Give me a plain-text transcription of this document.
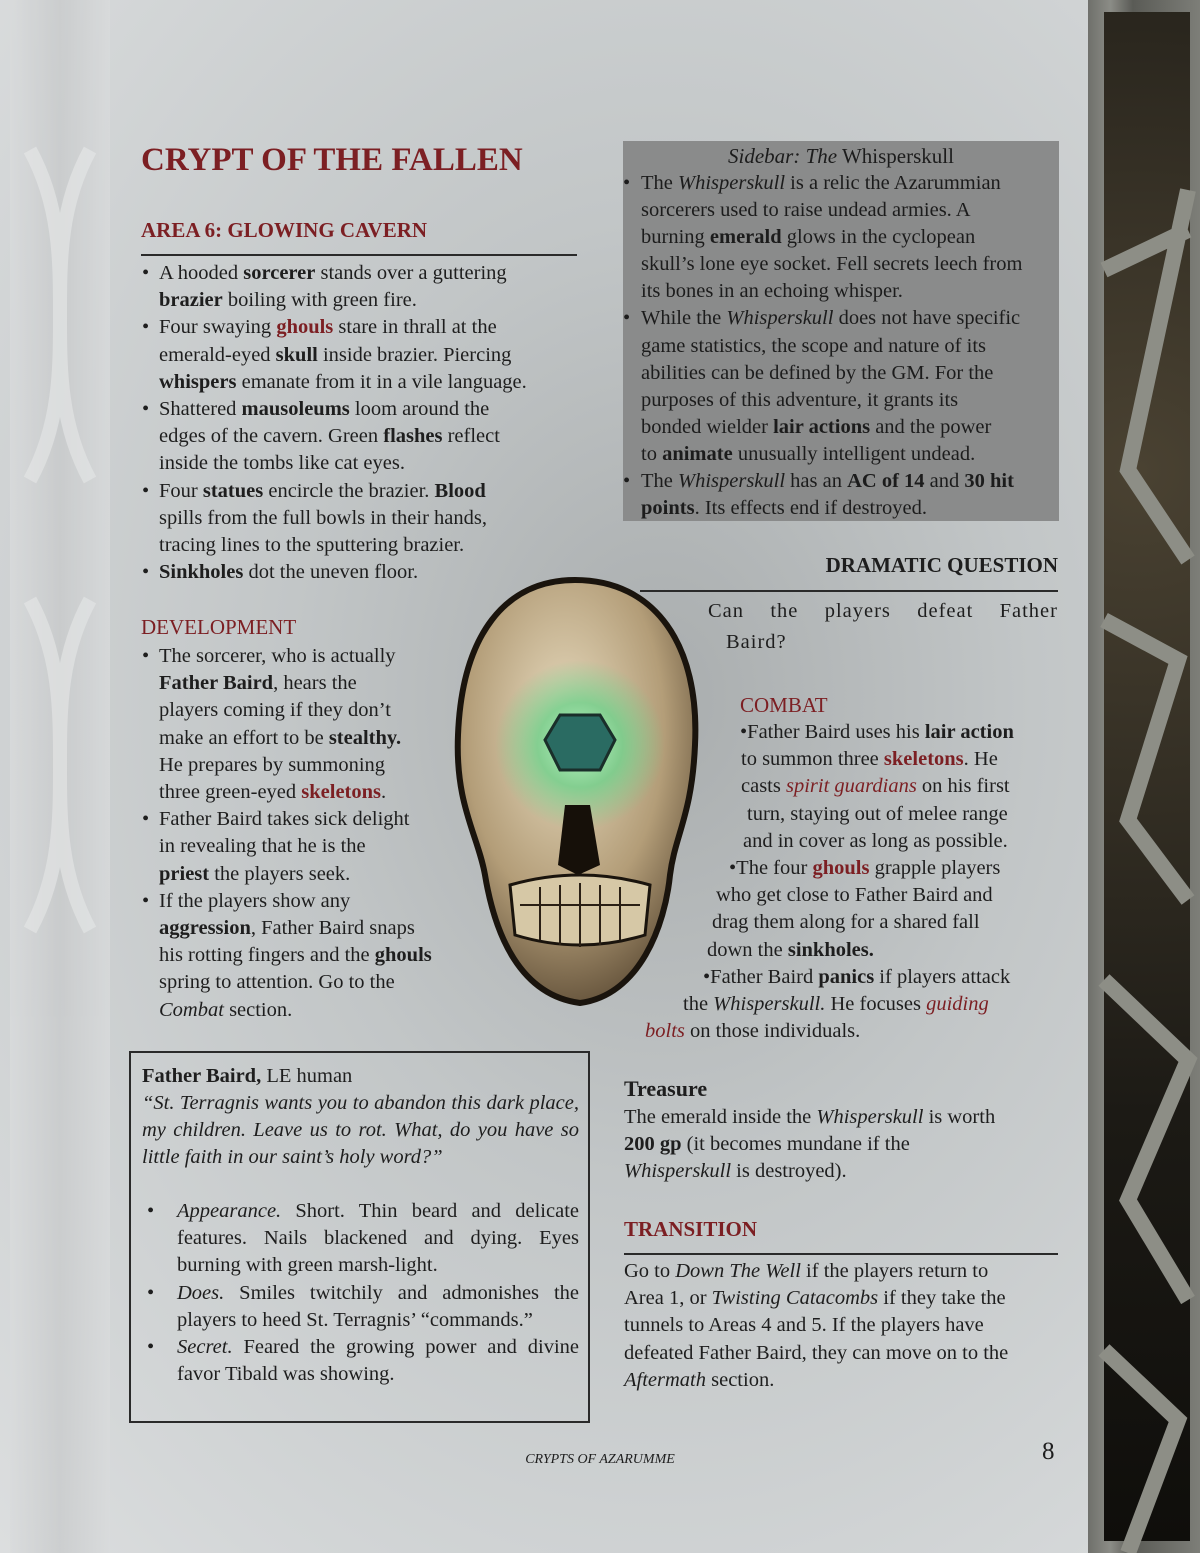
CRYPT OF THE FALLEN
AREA 6: GLOWING CAVERN
• A hooded sorcerer stands over a guttering
brazier boiling with green fire.
• Four swaying ghouls stare in thrall at the
emerald-eyed skull inside brazier. Piercing
whispers emanate from it in a vile language.
• Shattered mausoleums loom around the
edges of the cavern. Green flashes reflect
inside the tombs like cat eyes.
• Four statues encircle the brazier. Blood
spills from the full bowls in their hands,
tracing lines to the sputtering brazier.
• Sinkholes dot the uneven floor.
DEVELOPMENT
• The sorcerer, who is actually
Father Baird, hears the
players coming if they don’t
make an effort to be stealthy.
He prepares by summoning
three green-eyed skeletons.
• Father Baird takes sick delight
in revealing that he is the
priest the players seek.
• If the players show any
aggression, Father Baird snaps
his rotting fingers and the ghouls
spring to attention. Go to the
Combat section.
Sidebar: The Whisperskull
• The Whisperskull is a relic the Azarummian
sorcerers used to raise undead armies. A
burning emerald glows in the cyclopean
skull’s lone eye socket. Fell secrets leech from
its bones in an echoing whisper.
• While the Whisperskull does not have specific
game statistics, the scope and nature of its
abilities can be defined by the GM. For the
purposes of this adventure, it grants its
bonded wielder lair actions and the power
to animate unusually intelligent undead.
• The Whisperskull has an AC of 14 and 30 hit
points. Its effects end if destroyed.
DRAMATIC QUESTION
Can the players defeat Father
Baird?
COMBAT
•Father Baird uses his lair action
to summon three skeletons. He
casts spirit guardians on his first
turn, staying out of melee range
and in cover as long as possible.
•The four ghouls grapple players
who get close to Father Baird and
drag them along for a shared fall
down the sinkholes.
•Father Baird panics if players attack
the Whisperskull. He focuses guiding
bolts on those individuals.
Father Baird, LE human
“St. Terragnis wants you to abandon this dark place, my children. Leave us to rot. What, do you have so little faith in our saint’s holy word?”
• Appearance. Short. Thin beard and delicate features. Nails blackened and dying. Eyes burning with green marsh-light.
• Does. Smiles twitchily and admonishes the players to heed St. Terragnis’ “commands.”
• Secret. Feared the growing power and divine favor Tibald was showing.
Treasure
The emerald inside the Whisperskull is worth
200 gp (it becomes mundane if the
Whisperskull is destroyed).
TRANSITION
Go to Down The Well if the players return to
Area 1, or Twisting Catacombs if they take the
tunnels to Areas 4 and 5. If the players have
defeated Father Baird, they can move on to the
Aftermath section.
CRYPTS OF AZARUMME	8
